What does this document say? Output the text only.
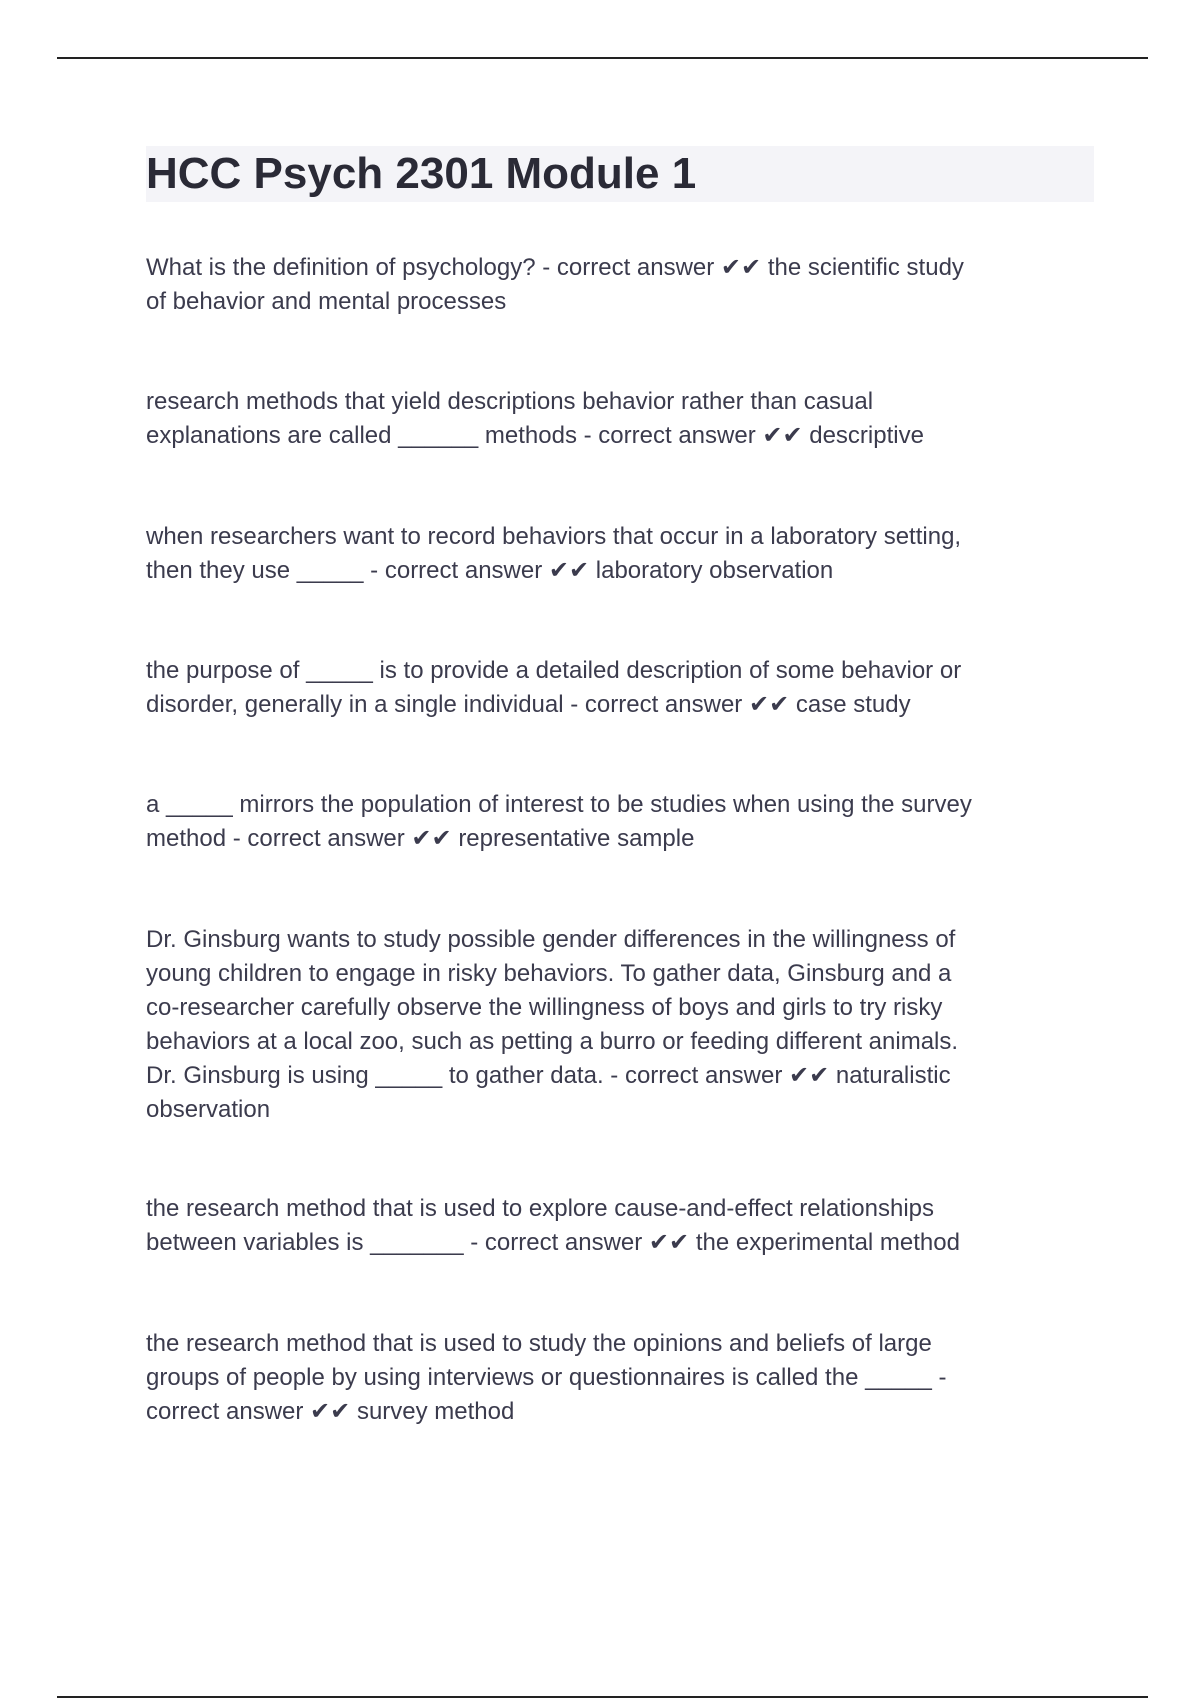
HCC Psych 2301 Module 1
What is the definition of psychology? - correct answer ✔✔ the scientific study
of behavior and mental processes
research methods that yield descriptions behavior rather than casual
explanations are called ______ methods - correct answer ✔✔ descriptive
when researchers want to record behaviors that occur in a laboratory setting,
then they use _____ - correct answer ✔✔ laboratory observation
the purpose of _____ is to provide a detailed description of some behavior or
disorder, generally in a single individual - correct answer ✔✔ case study
a _____ mirrors the population of interest to be studies when using the survey
method - correct answer ✔✔ representative sample
Dr. Ginsburg wants to study possible gender differences in the willingness of
young children to engage in risky behaviors. To gather data, Ginsburg and a
co-researcher carefully observe the willingness of boys and girls to try risky
behaviors at a local zoo, such as petting a burro or feeding different animals.
Dr. Ginsburg is using _____ to gather data. - correct answer ✔✔ naturalistic
observation
the research method that is used to explore cause-and-effect relationships
between variables is _______ - correct answer ✔✔ the experimental method
the research method that is used to study the opinions and beliefs of large
groups of people by using interviews or questionnaires is called the _____ -
correct answer ✔✔ survey method
